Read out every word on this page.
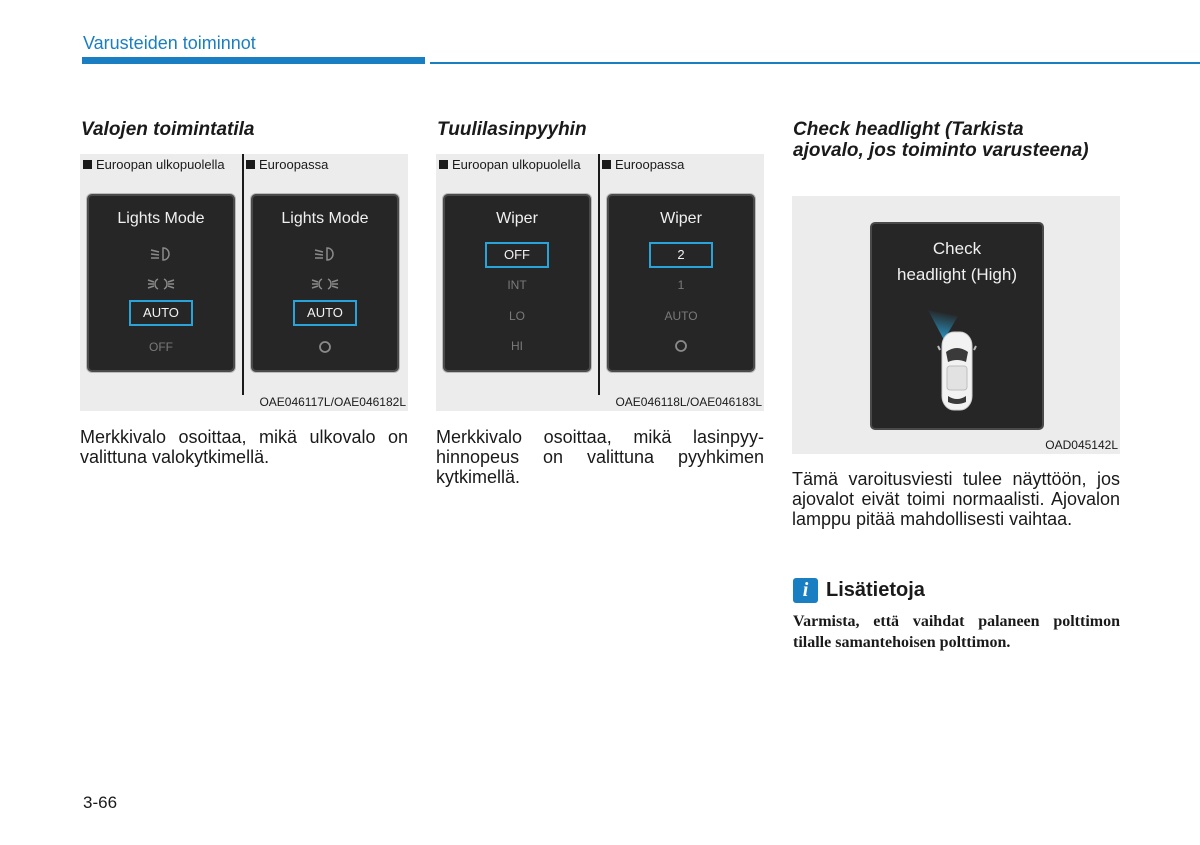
Varusteiden toiminnot
Valojen toimintatila
Euroopan ulkopuolella	Euroopassa
Lights Mode
AUTO
OFF
Lights Mode
AUTO
OAE046117L/OAE046182L
Merkkivalo osoittaa, mikä ulkovalo on valittuna valokytkimellä.
Tuulilasinpyyhin
Euroopan ulkopuolella	Euroopassa
Wiper
OFF
INT
LO
HI
Wiper
2
1
AUTO
OAE046118L/OAE046183L
Merkkivalo osoittaa, mikä lasinpyyhinnopeus on valittuna pyyhkimen kytkimellä.
Check headlight (Tarkista ajovalo, jos toiminto varusteena)
OAD045142L
Check
headlight (High)
Tämä varoitusviesti tulee näyttöön, jos ajovalot eivät toimi normaalisti. Ajovalon lamppu pitää mahdollisesti vaihtaa.
i Lisätietoja
Varmista, että vaihdat palaneen polttimon tilalle samantehoisen polttimon.
3-66
